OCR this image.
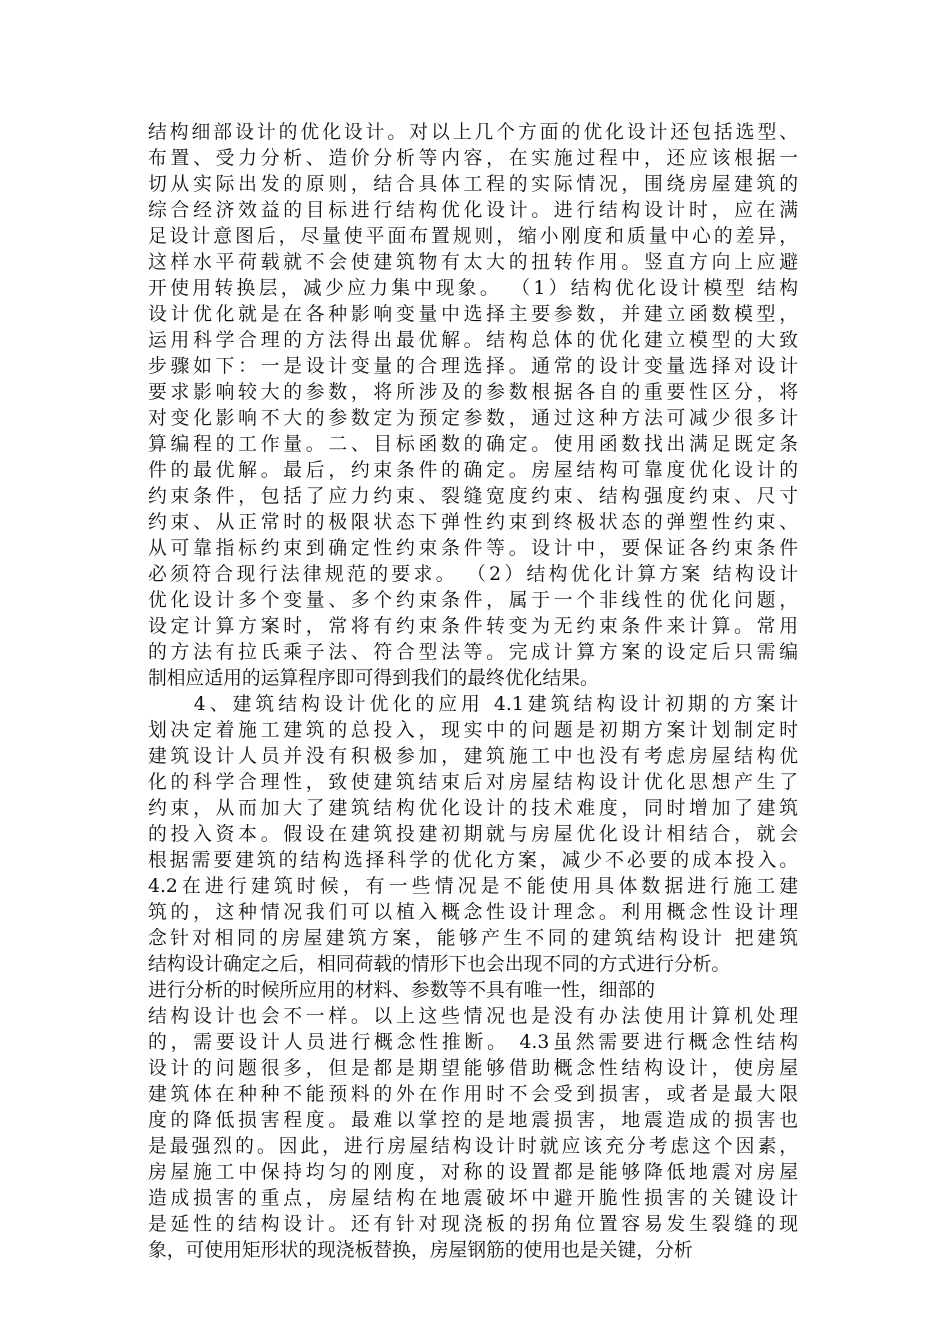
结构细部设计的优化设计。对以上几个方面的优化设计还包括选型、
布置、受力分析、造价分析等内容，在实施过程中，还应该根据一
切从实际出发的原则，结合具体工程的实际情况，围绕房屋建筑的
综合经济效益的目标进行结构优化设计。进行结构设计时，应在满
足设计意图后，尽量使平面布置规则，缩小刚度和质量中心的差异，
这样水平荷载就不会使建筑物有太大的扭转作用。竖直方向上应避
开使用转换层，减少应力集中现象。 （1）结构优化设计模型 结构
设计优化就是在各种影响变量中选择主要参数，并建立函数模型，
运用科学合理的方法得出最优解。结构总体的优化建立模型的大致
步骤如下：一是设计变量的合理选择。通常的设计变量选择对设计
要求影响较大的参数，将所涉及的参数根据各自的重要性区分，将
对变化影响不大的参数定为预定参数，通过这种方法可减少很多计
算编程的工作量。二、目标函数的确定。使用函数找出满足既定条
件的最优解。最后，约束条件的确定。房屋结构可靠度优化设计的
约束条件，包括了应力约束、裂缝宽度约束、结构强度约束、尺寸
约束、从正常时的极限状态下弹性约束到终极状态的弹塑性约束、
从可靠指标约束到确定性约束条件等。设计中，要保证各约束条件
必须符合现行法律规范的要求。 （2）结构优化计算方案 结构设计
优化设计多个变量、多个约束条件，属于一个非线性的优化问题，
设定计算方案时，常将有约束条件转变为无约束条件来计算。常用
的方法有拉氏乘子法、符合型法等。完成计算方案的设定后只需编
制相应适用的运算程序即可得到我们的最终优化结果。
　　4、建筑结构设计优化的应用 4.1建筑结构设计初期的方案计
划决定着施工建筑的总投入，现实中的问题是初期方案计划制定时
建筑设计人员并没有积极参加，建筑施工中也没有考虑房屋结构优
化的科学合理性，致使建筑结束后对房屋结构设计优化思想产生了
约束，从而加大了建筑结构优化设计的技术难度，同时增加了建筑
的投入资本。假设在建筑投建初期就与房屋优化设计相结合，就会
根据需要建筑的结构选择科学的优化方案，减少不必要的成本投入。
4.2在进行建筑时候，有一些情况是不能使用具体数据进行施工建
筑的，这种情况我们可以植入概念性设计理念。利用概念性设计理
念针对相同的房屋建筑方案，能够产生不同的建筑结构设计 把建筑
结构设计确定之后，相同荷载的情形下也会出现不同的方式进行分析。
进行分析的时候所应用的材料、参数等不具有唯一性，细部的
结构设计也会不一样。以上这些情况也是没有办法使用计算机处理
的，需要设计人员进行概念性推断。 4.3虽然需要进行概念性结构
设计的问题很多，但是都是期望能够借助概念性结构设计，使房屋
建筑体在种种不能预料的外在作用时不会受到损害，或者是最大限
度的降低损害程度。最难以掌控的是地震损害，地震造成的损害也
是最强烈的。因此，进行房屋结构设计时就应该充分考虑这个因素，
房屋施工中保持均匀的刚度，对称的设置都是能够降低地震对房屋
造成损害的重点，房屋结构在地震破坏中避开脆性损害的关键设计
是延性的结构设计。还有针对现浇板的拐角位置容易发生裂缝的现
象，可使用矩形状的现浇板替换，房屋钢筋的使用也是关键，分析
